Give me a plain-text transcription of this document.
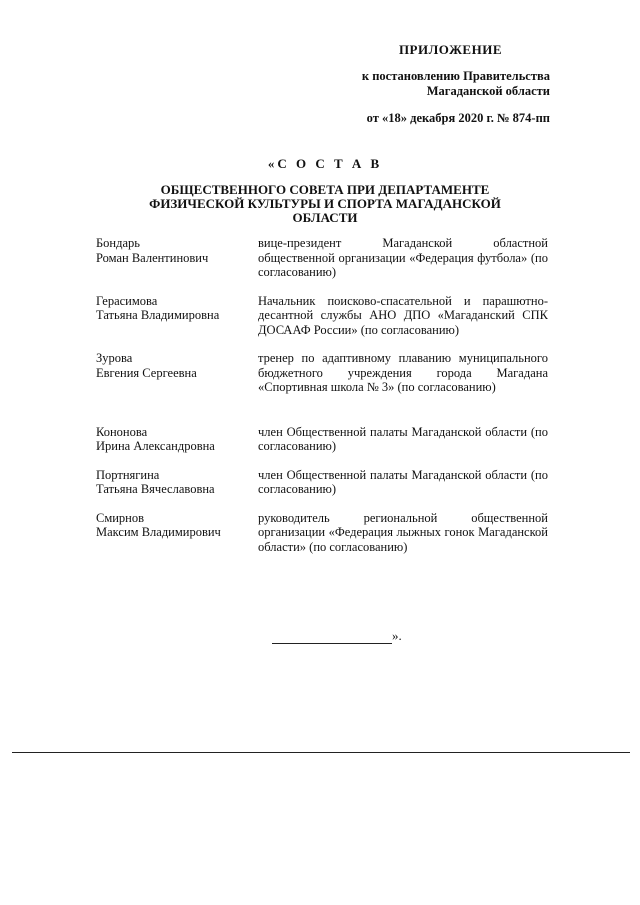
ПРИЛОЖЕНИЕ
к постановлению Правительства
Магаданской области
от «18» декабря 2020 г. № 874-пп
«С О С Т А В
ОБЩЕСТВЕННОГО СОВЕТА ПРИ ДЕПАРТАМЕНТЕ
ФИЗИЧЕСКОЙ КУЛЬТУРЫ И СПОРТА МАГАДАНСКОЙ
ОБЛАСТИ
Бондарь
Роман Валентинович
вице-президент Магаданской областной общественной организации «Федерация футбола» (по согласованию)
Герасимова
Татьяна Владимировна
Начальник поисково-спасательной и парашютно-десантной службы АНО ДПО «Магаданский СПК ДОСААФ России» (по согласованию)
Зурова
Евгения Сергеевна
тренер по адаптивному плаванию муниципального бюджетного учреждения города Магадана «Спортивная школа № 3» (по согласованию)
Кононова
Ирина Александровна
член Общественной палаты Магаданской области (по согласованию)
Портнягина
Татьяна Вячеславовна
член Общественной палаты Магаданской области (по согласованию)
Смирнов
Максим Владимирович
руководитель региональной общественной организации «Федерация лыжных гонок Магаданской области» (по согласованию)
».
